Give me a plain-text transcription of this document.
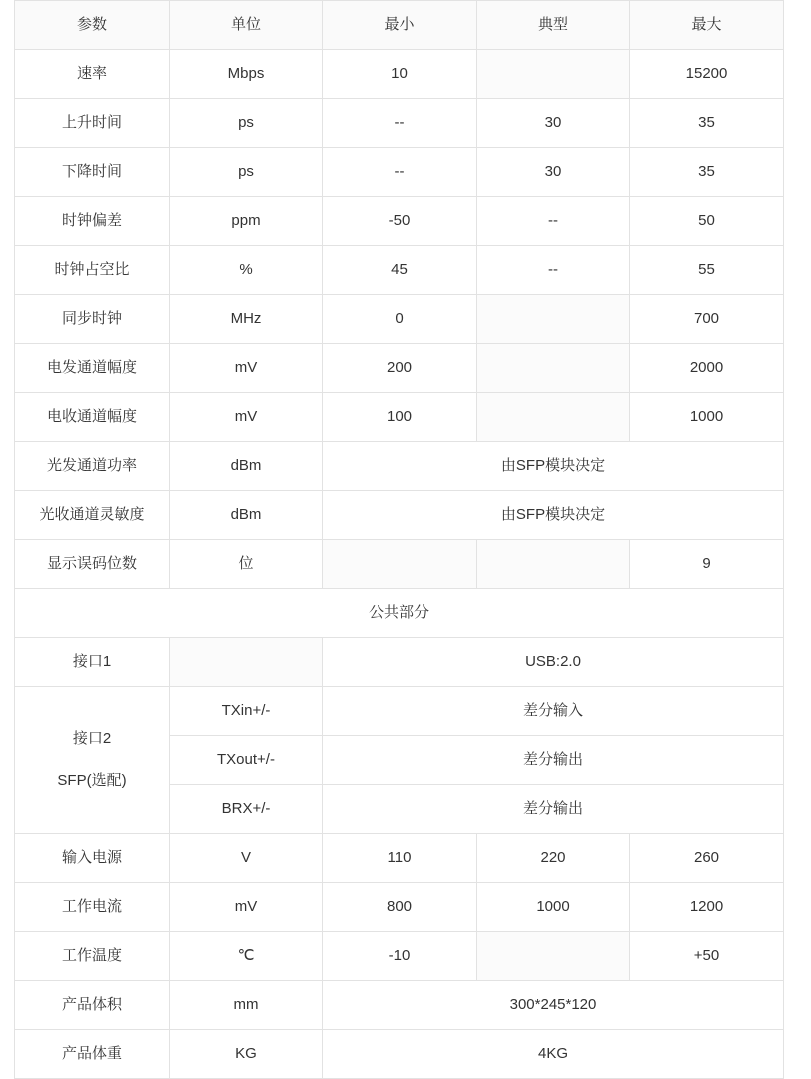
参数	单位	最小	典型	最大
速率	Mbps	10		15200
上升时间	ps	--	30	35
下降时间	ps	--	30	35
时钟偏差	ppm	-50	--	50
时钟占空比	%	45	--	55
同步时钟	MHz	0		700
电发通道幅度	mV	200		2000
电收通道幅度	mV	100		1000
光发通道功率	dBm	由SFP模块决定		
光收通道灵敏度	dBm	由SFP模块决定		
显示误码位数	位			9
公共部分				
接口1		USB:2.0		

接口2
SFP(选配)	TXin+/-	差分输入		
	TXout+/-	差分输出		
	BRX+/-	差分输出		
输入电源	V	110	220	260
工作电流	mV	800	1000	1200
工作温度	℃	-10		+50
产品体积	mm	300*245*120		
产品体重	KG	4KG		
